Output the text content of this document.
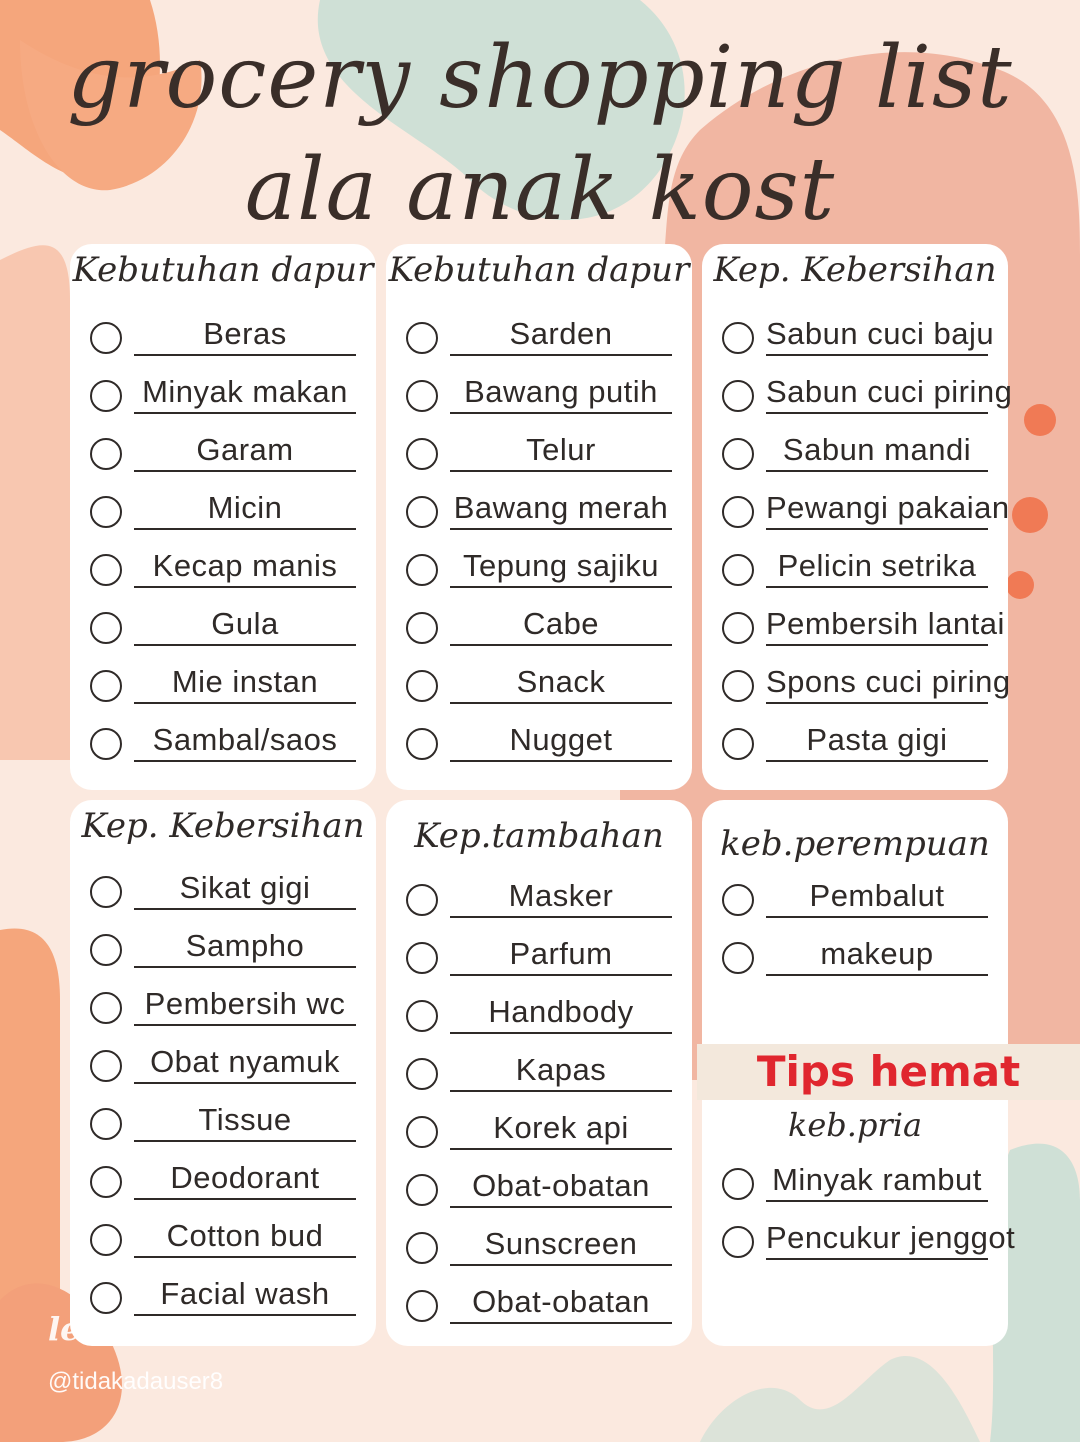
grocery shopping list
ala anak kost
Kebutuhan dapur
Beras
Minyak makan
Garam
Micin
Kecap manis
Gula
Mie instan
Sambal/saos
Kebutuhan dapur
Sarden
Bawang putih
Telur
Bawang merah
Tepung sajiku
Cabe
Snack
Nugget
Kep. Kebersihan
Sabun cuci baju
Sabun cuci piring
Sabun mandi
Pewangi pakaian
Pelicin setrika
Pembersih lantai
Spons cuci piring
Pasta gigi
Kep. Kebersihan
Sikat gigi
Sampho
Pembersih wc
Obat nyamuk
Tissue
Deodorant
Cotton bud
Facial wash
Kep.tambahan
Masker
Parfum
Handbody
Kapas
Korek api
Obat-obatan
Sunscreen
Obat-obatan
keb.perempuan
Pembalut
makeup
keb.pria
Minyak rambut
Pencukur jenggot
Tips hemat
lemon8
@tidakadauser8
